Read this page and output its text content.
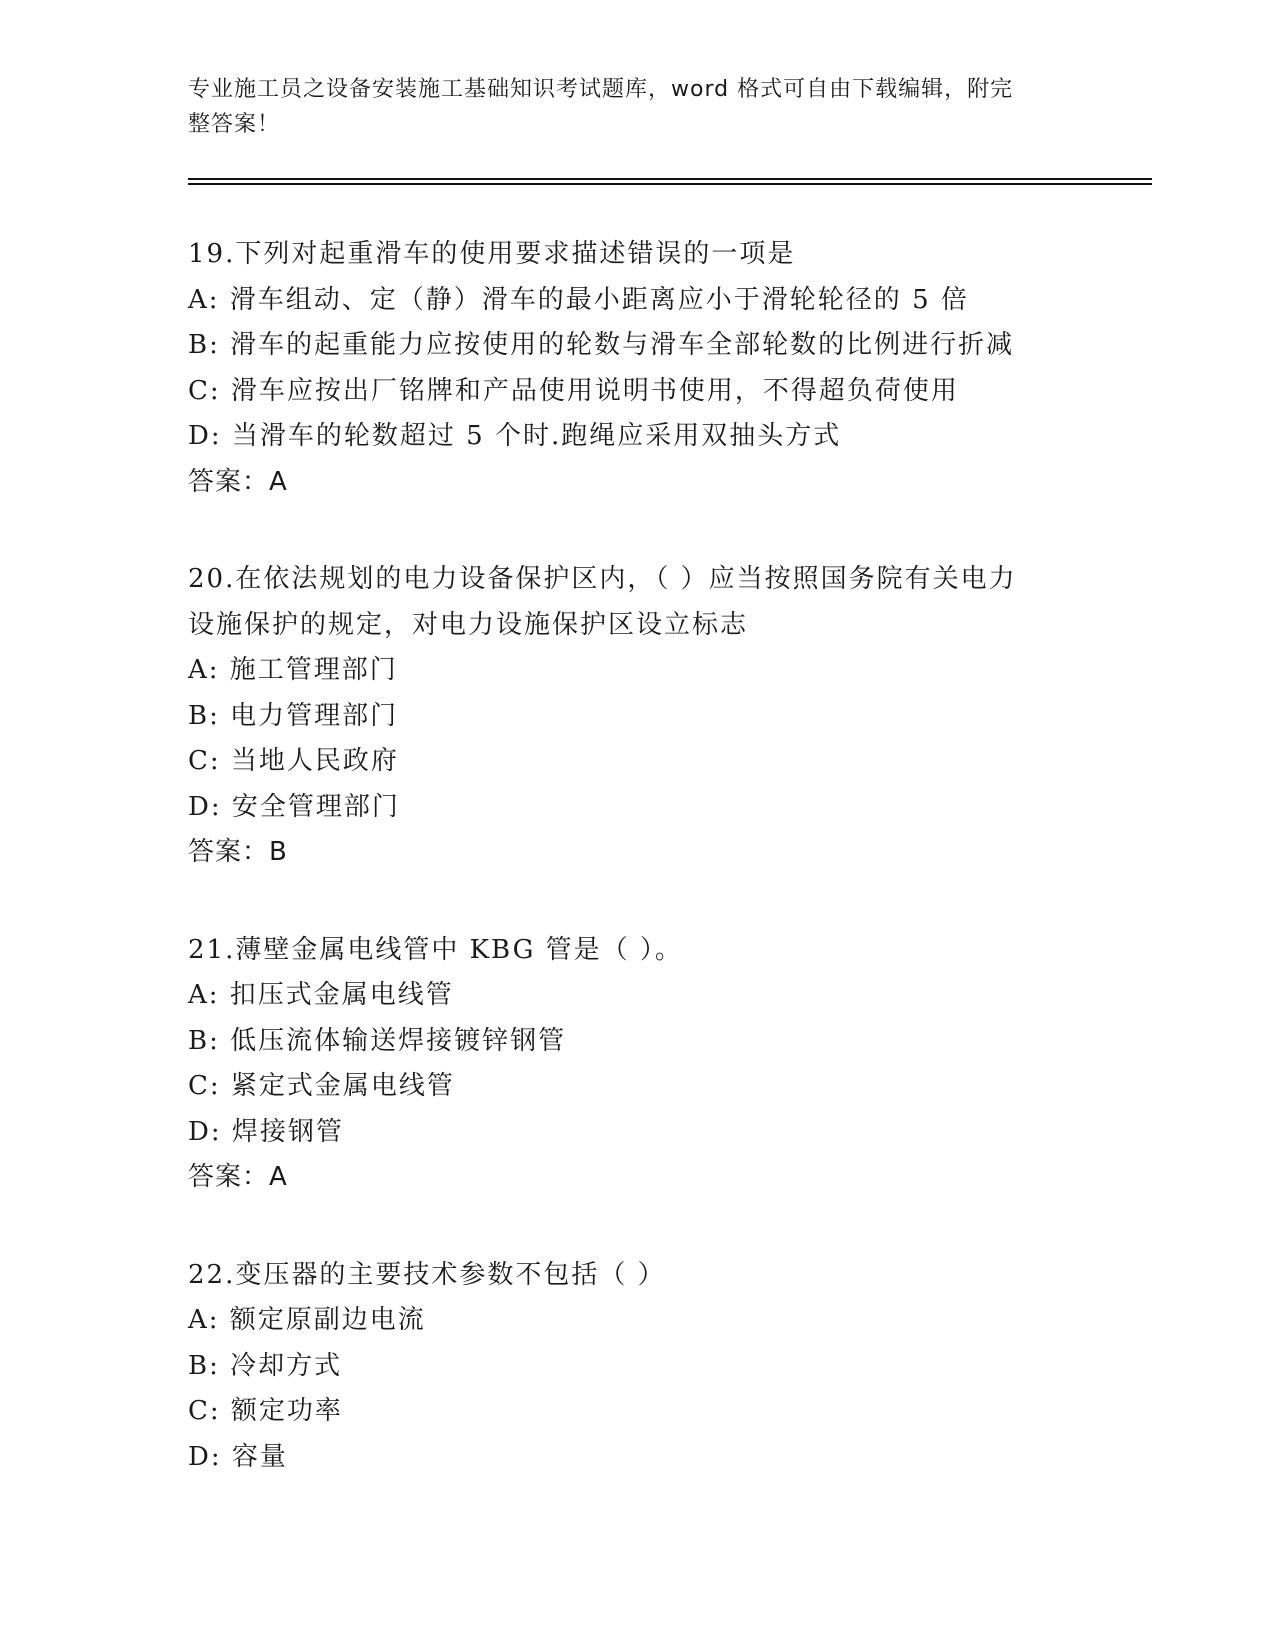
专业施工员之设备安装施工基础知识考试题库，word 格式可自由下载编辑，附完
整答案！
19.下列对起重滑车的使用要求描述错误的一项是
A: 滑车组动、定（静）滑车的最小距离应小于滑轮轮径的 5 倍
B: 滑车的起重能力应按使用的轮数与滑车全部轮数的比例进行折减
C: 滑车应按出厂铭牌和产品使用说明书使用，不得超负荷使用
D: 当滑车的轮数超过 5 个时.跑绳应采用双抽头方式
答案：A
20.在依法规划的电力设备保护区内，（ ）应当按照国务院有关电力
设施保护的规定，对电力设施保护区设立标志
A: 施工管理部门
B: 电力管理部门
C: 当地人民政府
D: 安全管理部门
答案：B
21.薄壁金属电线管中 KBG 管是（ ）。
A: 扣压式金属电线管
B: 低压流体输送焊接镀锌钢管
C: 紧定式金属电线管
D: 焊接钢管
答案：A
22.变压器的主要技术参数不包括（ ）
A: 额定原副边电流
B: 冷却方式
C: 额定功率
D: 容量
